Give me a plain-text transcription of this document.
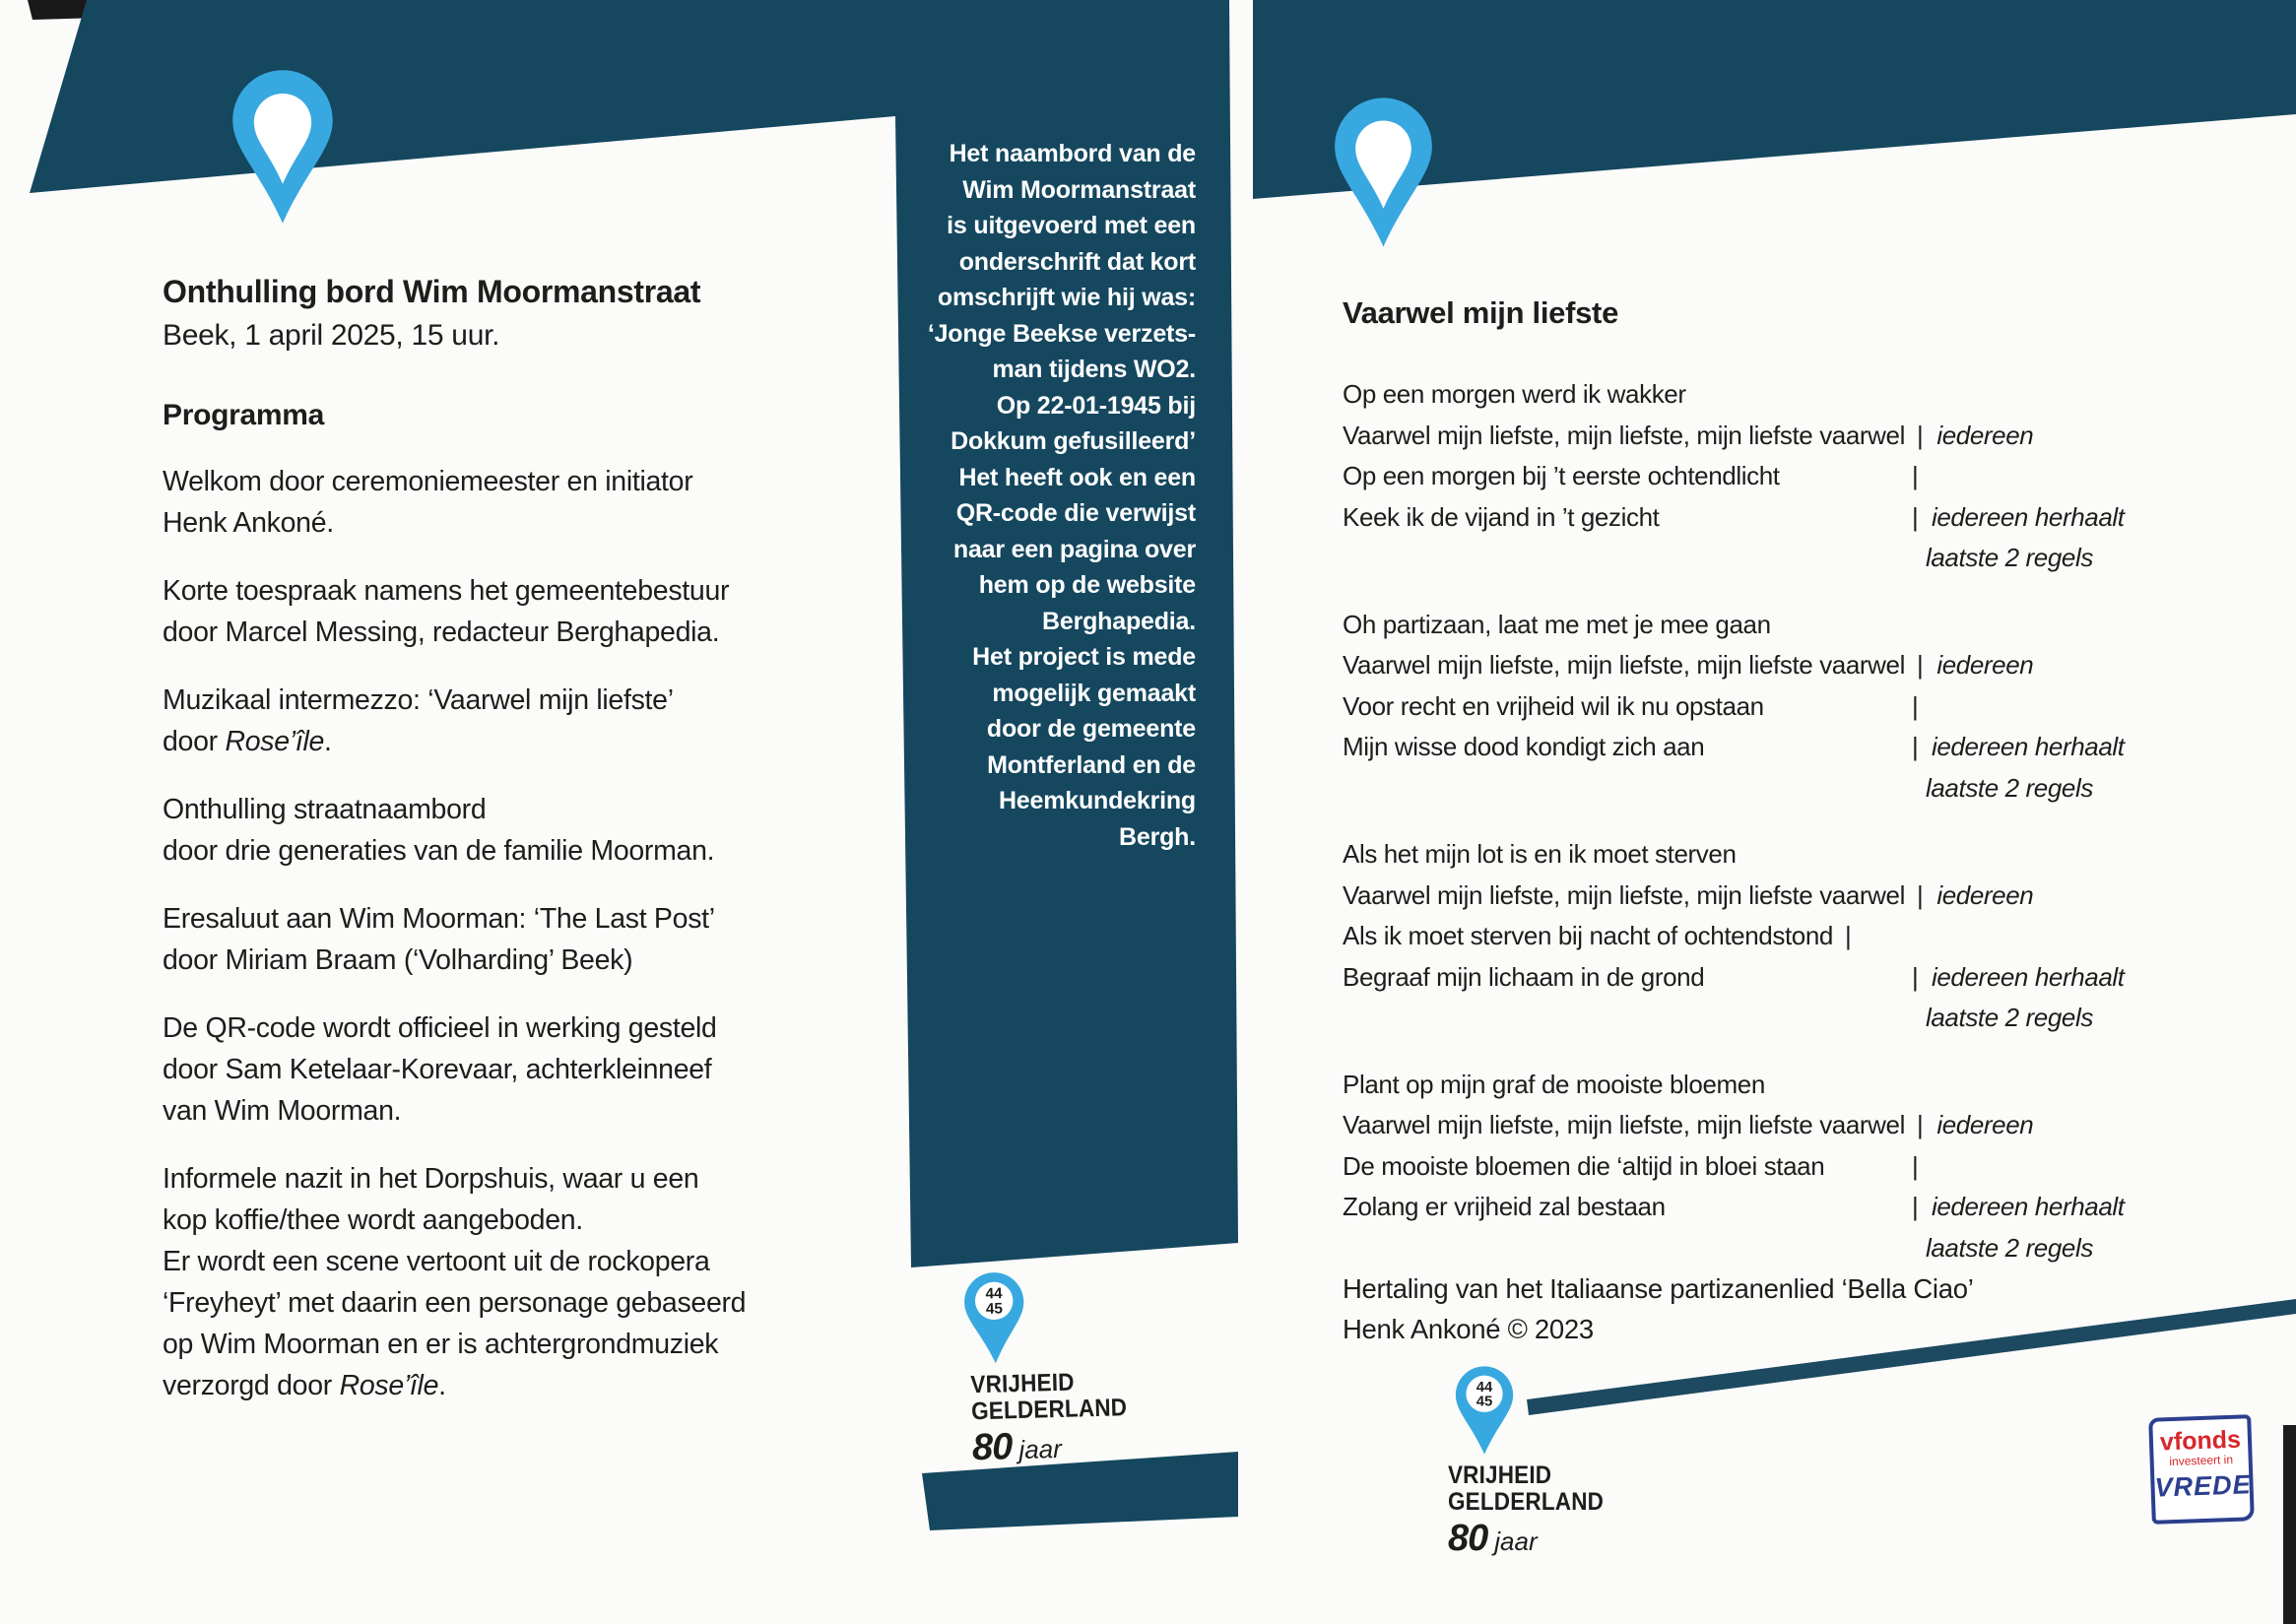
Onthulling bord Wim Moormanstraat
Beek, 1 april 2025, 15 uur.
Programma
Welkom door ceremoniemeester en initiator
Henk Ankoné.
Korte toespraak namens het gemeentebestuur
door Marcel Messing, redacteur Berghapedia.
Muzikaal intermezzo: ‘Vaarwel mijn liefste’
door Rose’île.
Onthulling straatnaambord
door drie generaties van de familie Moorman.
Eresaluut aan Wim Moorman: ‘The Last Post’
door Miriam Braam (‘Volharding’ Beek)
De QR-code wordt officieel in werking gesteld
door Sam Ketelaar-Korevaar, achterkleinneef
van Wim Moorman.
Informele nazit in het Dorpshuis, waar u een
kop koffie/thee wordt aangeboden.
Er wordt een scene vertoont uit de rockopera
‘Freyheyt’ met daarin een personage gebaseerd
op Wim Moorman en er is achtergrondmuziek
verzorgd door Rose’île.
Het naambord van de
Wim Moormanstraat
is uitgevoerd met een
onderschrift dat kort
omschrijft wie hij was:
‘Jonge Beekse verzets-
man tijdens WO2.
Op 22-01-1945 bij
Dokkum gefusilleerd’
Het heeft ook en een
QR-code die verwijst
naar een pagina over
hem op de website
Berghapedia.
Het project is mede
mogelijk gemaakt
door de gemeente
Montferland en de
Heemkundekring
Bergh.
44
45
VRIJHEID
GELDERLAND
80 jaar
Vaarwel mijn liefste
Op een morgen werd ik wakker
Vaarwel mijn liefste, mijn liefste, mijn liefste vaarwel | iedereen
Op een morgen bij ’t eerste ochtendlicht	|
Keek ik de vijand in ’t gezicht	| iedereen herhaalt
laatste 2 regels
Oh partizaan, laat me met je mee gaan
Vaarwel mijn liefste, mijn liefste, mijn liefste vaarwel | iedereen
Voor recht en vrijheid wil ik nu opstaan	|
Mijn wisse dood kondigt zich aan	| iedereen herhaalt
laatste 2 regels
Als het mijn lot is en ik moet sterven
Vaarwel mijn liefste, mijn liefste, mijn liefste vaarwel | iedereen
Als ik moet sterven bij nacht of ochtendstond |
Begraaf mijn lichaam in de grond	| iedereen herhaalt
laatste 2 regels
Plant op mijn graf de mooiste bloemen
Vaarwel mijn liefste, mijn liefste, mijn liefste vaarwel | iedereen
De mooiste bloemen die ‘altijd in bloei staan	|
Zolang er vrijheid zal bestaan	| iedereen herhaalt
laatste 2 regels
Hertaling van het Italiaanse partizanenlied ‘Bella Ciao’
Henk Ankoné © 2023
44
45
VRIJHEID
GELDERLAND
80 jaar
vfonds
investeert in
VREDE
